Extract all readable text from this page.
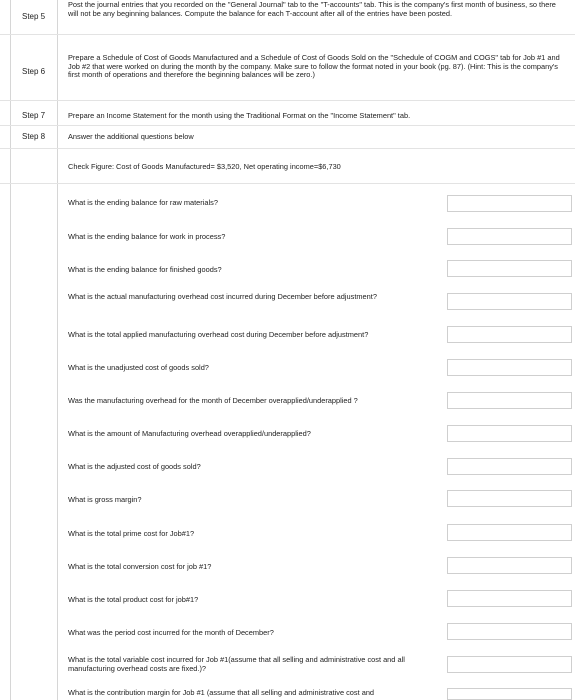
Step 5
Post the journal entries that you recorded on the "General Journal" tab to the "T-accounts" tab. This is the company's first month of business, so there will not be any beginning balances. Compute the balance for each T-account after all of the entries have been posted.
Step 6
Prepare a Schedule of Cost of Goods Manufactured and a Schedule of Cost of Goods Sold on the "Schedule of COGM and COGS" tab for Job #1 and Job #2 that were worked on during the month by the company. Make sure to follow the format noted in your book (pg. 87). (Hint: This is the company's first month of operations and therefore the beginning balances will be zero.)
Step 7	Prepare an Income Statement for the month using the Traditional Format on the "Income Statement" tab.
Step 8	Answer the additional questions below
Check Figure: Cost of Goods Manufactured= $3,520, Net operating income=$6,730
What is the ending balance for raw materials?
What is the ending balance for work in process?
What is the ending balance for finished goods?
What is the actual manufacturing overhead cost incurred during December before adjustment?
What is the total applied manufacturing overhead cost during December before adjustment?
What is the unadjusted cost of goods sold?
Was the manufacturing overhead for the month of December overapplied/underapplied ?
What is the amount of Manufacturing overhead overapplied/underapplied?
What is the adjusted cost of goods sold?
What is gross margin?
What is the total prime cost for Job#1?
What is the total conversion cost for job #1?
What is the total product cost for job#1?
What was the period cost incurred for the month of December?
What is the total variable cost incurred for Job #1(assume that all selling and administrative cost and all manufacturing overhead costs are fixed.)?
What is the contribution margin for Job #1 (assume that all selling and administrative cost and
